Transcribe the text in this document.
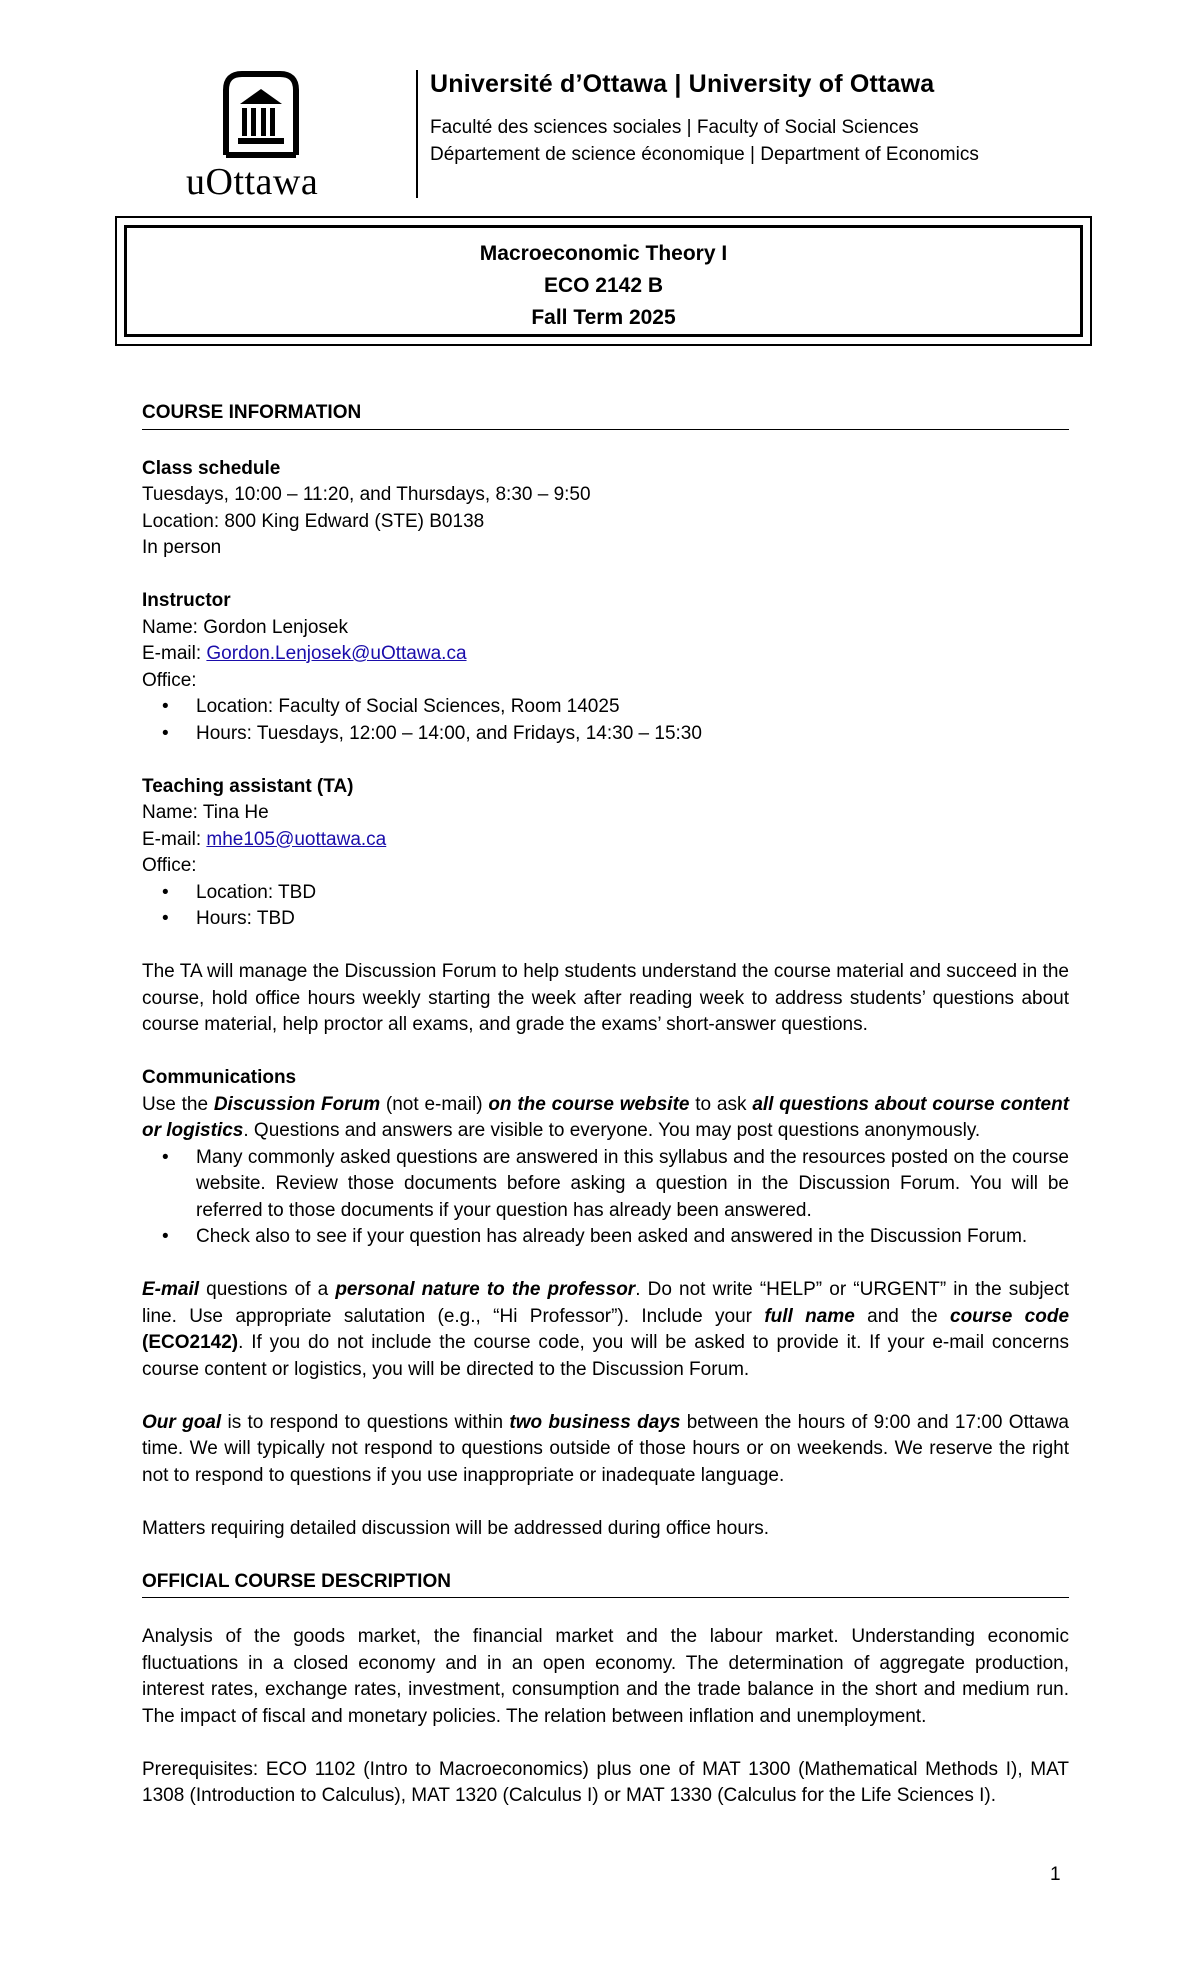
uOttawa
Université d’Ottawa | University of Ottawa
Faculté des sciences sociales | Faculty of Social Sciences
Département de science économique | Department of Economics
Macroeconomic Theory I
ECO 2142 B
Fall Term 2025
COURSE INFORMATION

Class schedule

Tuesdays, 10:00 – 11:20, and Thursdays, 8:30 – 9:50

Location: 800 King Edward (STE) B0138

In person

Instructor

Name: Gordon Lenjosek

E-mail: Gordon.Lenjosek@uOttawa.ca

Office:

• Location: Faculty of Social Sciences, Room 14025
• Hours: Tuesdays, 12:00 – 14:00, and Fridays, 14:30 – 15:30

Teaching assistant (TA)

Name: Tina He

E-mail: mhe105@uottawa.ca

Office:

• Location: TBD
• Hours: TBD

The TA will manage the Discussion Forum to help students understand the course material and succeed in the course, hold office hours weekly starting the week after reading week to address students’ questions about course material, help proctor all exams, and grade the exams’ short-answer questions.

Communications

Use the Discussion Forum (not e-mail) on the course website to ask all questions about course content or logistics. Questions and answers are visible to everyone. You may post questions anonymously.

• Many commonly asked questions are answered in this syllabus and the resources posted on the course website. Review those documents before asking a question in the Discussion Forum. You will be referred to those documents if your question has already been answered.
• Check also to see if your question has already been asked and answered in the Discussion Forum.

E-mail questions of a personal nature to the professor. Do not write “HELP” or “URGENT” in the subject line. Use appropriate salutation (e.g., “Hi Professor”). Include your full name and the course code (ECO2142). If you do not include the course code, you will be asked to provide it. If your e-mail concerns course content or logistics, you will be directed to the Discussion Forum.

Our goal is to respond to questions within two business days between the hours of 9:00 and 17:00 Ottawa time. We will typically not respond to questions outside of those hours or on weekends. We reserve the right not to respond to questions if you use inappropriate or inadequate language.

Matters requiring detailed discussion will be addressed during office hours.

OFFICIAL COURSE DESCRIPTION

Analysis of the goods market, the financial market and the labour market. Understanding economic fluctuations in a closed economy and in an open economy. The determination of aggregate production, interest rates, exchange rates, investment, consumption and the trade balance in the short and medium run. The impact of fiscal and monetary policies. The relation between inflation and unemployment.

Prerequisites: ECO 1102 (Intro to Macroeconomics) plus one of MAT 1300 (Mathematical Methods I), MAT 1308 (Introduction to Calculus), MAT 1320 (Calculus I) or MAT 1330 (Calculus for the Life Sciences I).

1
